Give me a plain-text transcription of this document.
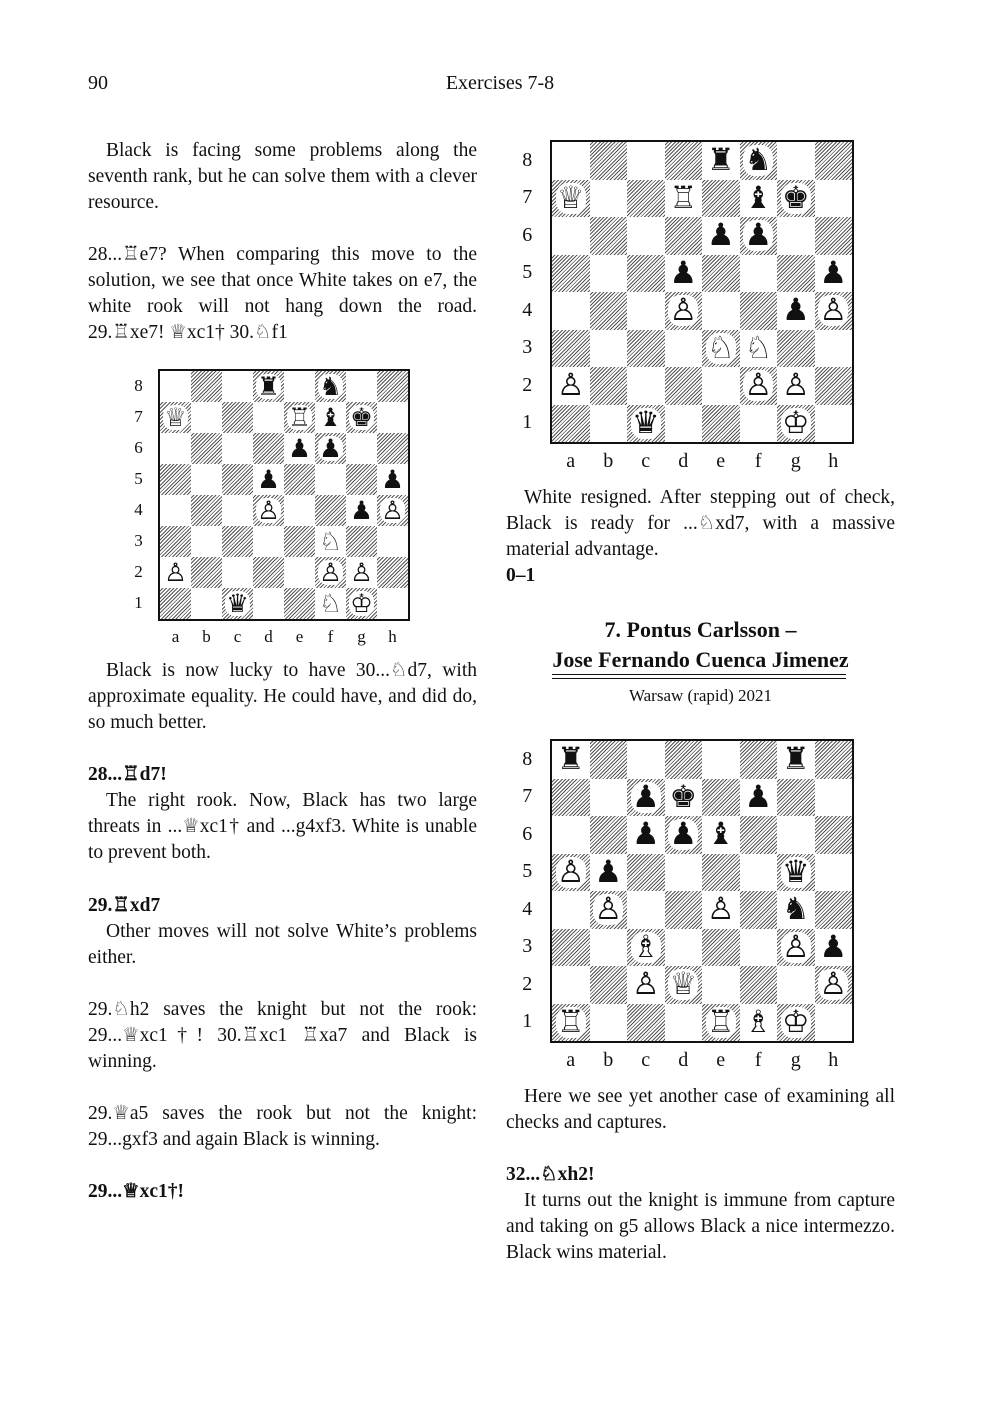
90	Exercises 7-8

Black is facing some problems along the seventh rank, but he can solve them with a clever resource.

28...♖e7? When comparing this move to the solution, we see that once White takes on e7, the white rook will not hang down the road. 29.♖xe7! ♕xc1† 30.♘f1

♜ ♞
♕	♖ ♝ ♚
♟ ♟
♟	♟
♙	♟ ♙
♘
♙	♙ ♙
♛	♘ ♔
8
7
6
5
4
3
2
1
a	b	c	d	e	f	g	h

Black is now lucky to have 30...♘d7, with approximate equality. He could have, and did do, so much better.

28...♖d7!

The right rook. Now, Black has two large threats in ...♕xc1† and ...g4xf3. White is unable to prevent both.

29.♖xd7

Other moves will not solve White’s problems either.

29.♘h2 saves the knight but not the rook: 29...♕xc1†! 30.♖xc1 ♖xa7 and Black is winning.

29.♕a5 saves the rook but not the knight: 29...gxf3 and again Black is winning.

29...♕xc1†!
♜ ♞
♕	♖ ♝ ♚
♟ ♟
♟	♟
♙	♟ ♙
♘ ♘
♙	♙ ♙
♛	♔
8
7
6
5
4
3
2
1
a	b	c	d	e	f	g	h

White resigned. After stepping out of check, Black is ready for ...♘xd7, with a massive material advantage.

0–1
7. Pontus Carlsson –
Jose Fernando Cuenca Jimenez
Warsaw (rapid) 2021
♜	♜
♟ ♚ ♟
♟ ♟ ♝
♙ ♟	♛
♙	♙ ♞
♗	♙ ♟
♙ ♕	♙
♖	♖ ♗ ♔
8
7
6
5
4
3
2
1
a	b	c	d	e	f	g	h

Here we see yet another case of examining all checks and captures.

32...♘xh2!

It turns out the knight is immune from capture and taking on g5 allows Black a nice intermezzo. Black wins material.
